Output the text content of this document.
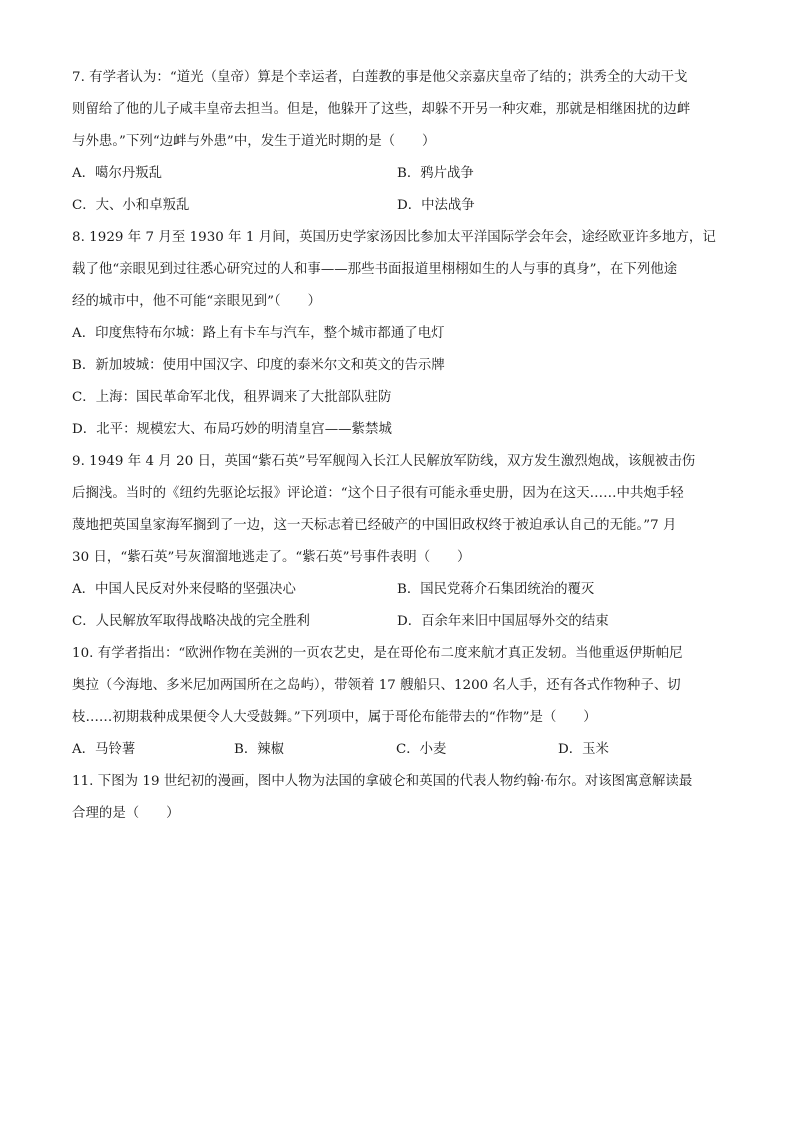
7. 有学者认为：“道光（皇帝）算是个幸运者，白莲教的事是他父亲嘉庆皇帝了结的；洪秀全的大动干戈
则留给了他的儿子咸丰皇帝去担当。但是，他躲开了这些，却躲不开另一种灾难，那就是相继困扰的边衅
与外患。”下列“边衅与外患”中，发生于道光时期的是（　　）
A．噶尔丹叛乱	B．鸦片战争
C．大、小和卓叛乱	D．中法战争
8. 1929 年 7 月至 1930 年 1 月间，英国历史学家汤因比参加太平洋国际学会年会，途经欧亚许多地方，记
载了他“亲眼见到过往悉心研究过的人和事——那些书面报道里栩栩如生的人与事的真身”，在下列他途
经的城市中，他不可能“亲眼见到”（　　）
A．印度焦特布尔城：路上有卡车与汽车，整个城市都通了电灯
B．新加坡城：使用中国汉字、印度的泰米尔文和英文的告示牌
C．上海：国民革命军北伐，租界调来了大批部队驻防
D．北平：规模宏大、布局巧妙的明清皇宫——紫禁城
9. 1949 年 4 月 20 日，英国“紫石英”号军舰闯入长江人民解放军防线，双方发生激烈炮战，该舰被击伤
后搁浅。当时的《纽约先驱论坛报》评论道：“这个日子很有可能永垂史册，因为在这天……中共炮手轻
蔑地把英国皇家海军搁到了一边，这一天标志着已经破产的中国旧政权终于被迫承认自己的无能。”7 月
30 日，“紫石英”号灰溜溜地逃走了。“紫石英”号事件表明（　　）
A．中国人民反对外来侵略的坚强决心	B．国民党蒋介石集团统治的覆灭
C．人民解放军取得战略决战的完全胜利	D．百余年来旧中国屈辱外交的结束
10. 有学者指出：“欧洲作物在美洲的一页农艺史，是在哥伦布二度来航才真正发轫。当他重返伊斯帕尼
奥拉（今海地、多米尼加两国所在之岛屿），带领着 17 艘船只、1200 名人手，还有各式作物种子、切
枝……初期栽种成果便令人大受鼓舞。”下列项中，属于哥伦布能带去的“作物”是（　　）
A．马铃薯	B．辣椒	C．小麦	D．玉米
11. 下图为 19 世纪初的漫画，图中人物为法国的拿破仑和英国的代表人物约翰·布尔。对该图寓意解读最
合理的是（　　）
